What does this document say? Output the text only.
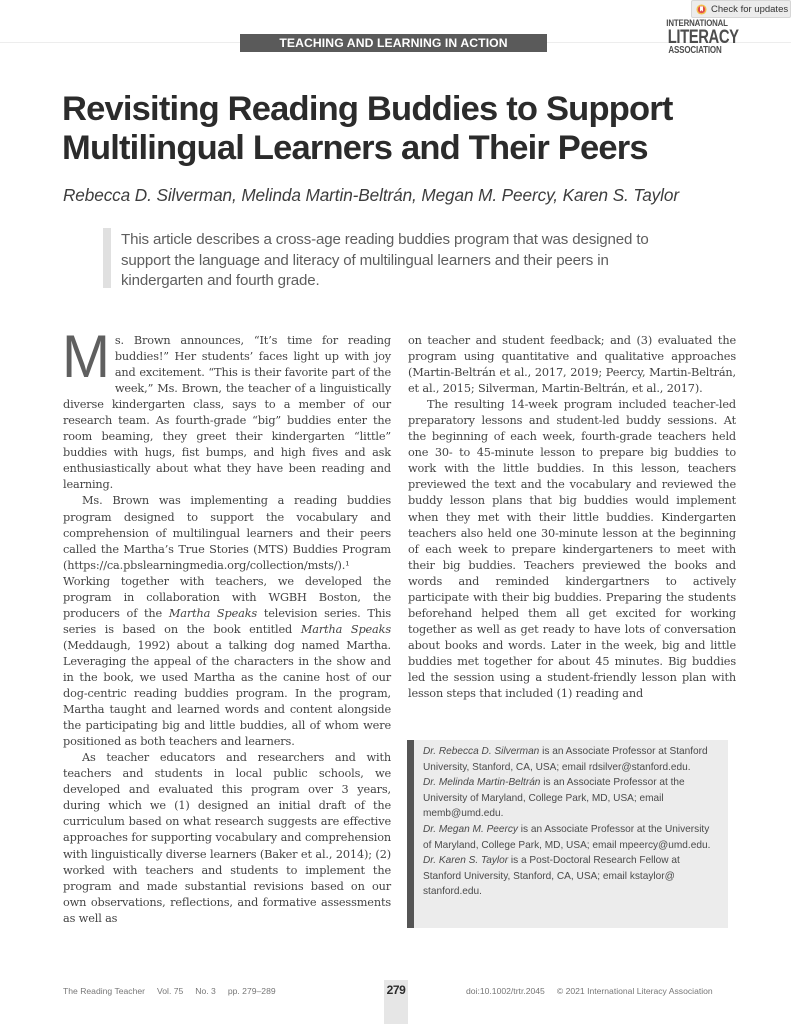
Check for updates
TEACHING AND LEARNING IN ACTION
INTERNATIONAL
LITERACY
ASSOCIATION
Revisiting Reading Buddies to Support
Multilingual Learners and Their Peers
Rebecca D. Silverman, Melinda Martin-Beltrán, Megan M. Peercy, Karen S. Taylor

This article describes a cross-age reading buddies program that was designed to support the language and literacy of multilingual learners and their peers in kindergarten and fourth grade.

Ms. Brown announces, “It’s time for reading buddies!” Her students’ faces light up with joy and excitement. “This is their favorite part of the week,” Ms. Brown, the teacher of a linguistically diverse kindergarten class, says to a member of our research team. As fourth-grade “big” buddies enter the room beaming, they greet their kindergarten “little” buddies with hugs, fist bumps, and high fives and ask enthusiastically about what they have been reading and learning.

Ms. Brown was implementing a reading buddies program designed to support the vocabulary and comprehension of multilingual learners and their peers called the Martha’s True Stories (MTS) Buddies Program (https://ca.pbslearningmedia.org/​collection/msts/).¹ Working together with teachers, we developed the program in collaboration with WGBH Boston, the producers of the Martha Speaks television series. This series is based on the book entitled Martha Speaks (Meddaugh, 1992) about a talking dog named Martha. Leveraging the appeal of the characters in the show and in the book, we used Martha as the canine host of our dog-centric reading buddies program. In the program, Martha taught and learned words and content alongside the participating big and little buddies, all of whom were positioned as both teachers and learners.

As teacher educators and researchers and with teachers and students in local public schools, we developed and evaluated this program over 3 years, during which we (1) designed an initial draft of the curriculum based on what research suggests are effective approaches for supporting vocabulary and comprehension with linguistically diverse learners (Baker et al., 2014); (2) worked with teachers and students to implement the program and made substantial revisions based on our own observations, reflections, and formative assessments as well as

on teacher and student feedback; and (3) evaluated the program using quantitative and qualitative approaches (Martin-Beltrán et al., 2017, 2019; Peercy, Martin-Beltrán, et al., 2015; Silverman, Martin-Beltrán, et al., 2017).

The resulting 14-week program included teacher-led preparatory lessons and student-led buddy sessions. At the beginning of each week, fourth-grade teachers held one 30- to 45-minute lesson to prepare big buddies to work with the little buddies. In this lesson, teachers previewed the text and the vocabulary and reviewed the buddy lesson plans that big buddies would implement when they met with their little buddies. Kindergarten teachers also held one 30-minute lesson at the beginning of each week to prepare kindergarteners to meet with their big buddies. Teachers previewed the books and words and reminded kindergartners to actively participate with their big buddies. Preparing the students beforehand helped them all get excited for working together as well as get ready to have lots of conversation about books and words. Later in the week, big and little buddies met together for about 45 minutes. Big buddies led the session using a student-friendly lesson plan with lesson steps that included (1) reading and

Dr. Rebecca D. Silverman is an Associate Professor at Stanford University, Stanford, CA, USA; email rdsilver@​stanford.edu.

Dr. Melinda Martin-Beltrán is an Associate Professor at the University of Maryland, College Park, MD, USA; email memb@umd.edu.

Dr. Megan M. Peercy is an Associate Professor at the University of Maryland, College Park, MD, USA; email mpeercy@umd.edu.

Dr. Karen S. Taylor is a Post-Doctoral Research Fellow at Stanford University, Stanford, CA, USA; email kstaylor@​stanford.edu.

The Reading Teacher Vol. 75 No. 3 pp. 279–289	279	doi:10.1002/trtr.2045 © 2021 International Literacy Association
